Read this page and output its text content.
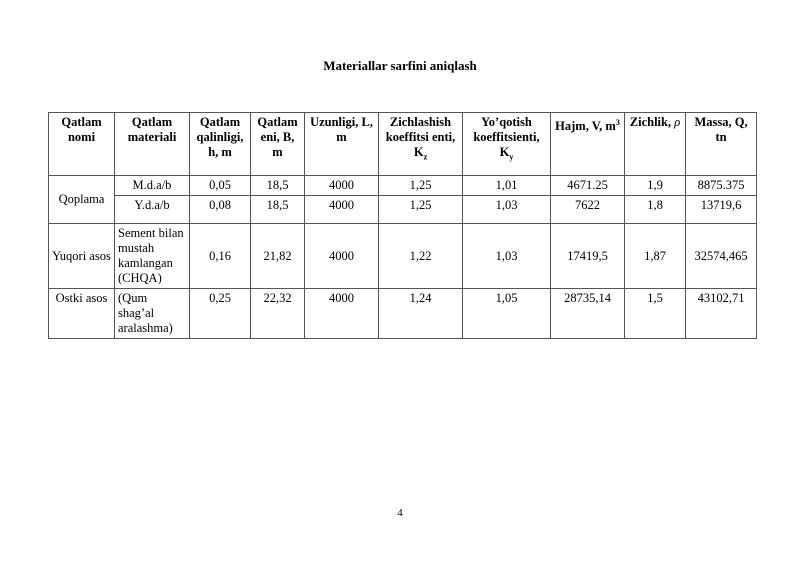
Materiallar sarfini aniqlash
Qatlam nomi	Qatlam materiali	Qatlam qalinligi, h, m	Qatlam eni, B, m	Uzunligi, L, m	Zichlashish koeffitsi enti, $K_z$	Yo’qotish koeffitsienti, $K_y$	Hajm, V, $m^3$	Zichlik, ρ	Massa, Q, tn
Qoplama	M.d.a/b	0,05	18,5	4000	1,25	1,01	4671.25	1,9	8875.375
	Y.d.a/b	0,08	18,5	4000	1,25	1,03	7622	1,8	13719,6
Yuqori asos	Sement bilan mustah kamlangan (CHQA)	0,16	21,82	4000	1,22	1,03	17419,5	1,87	32574,465
Ostki asos	(Qum shag’al aralashma)	0,25	22,32	4000	1,24	1,05	28735,14	1,5	43102,71
4
